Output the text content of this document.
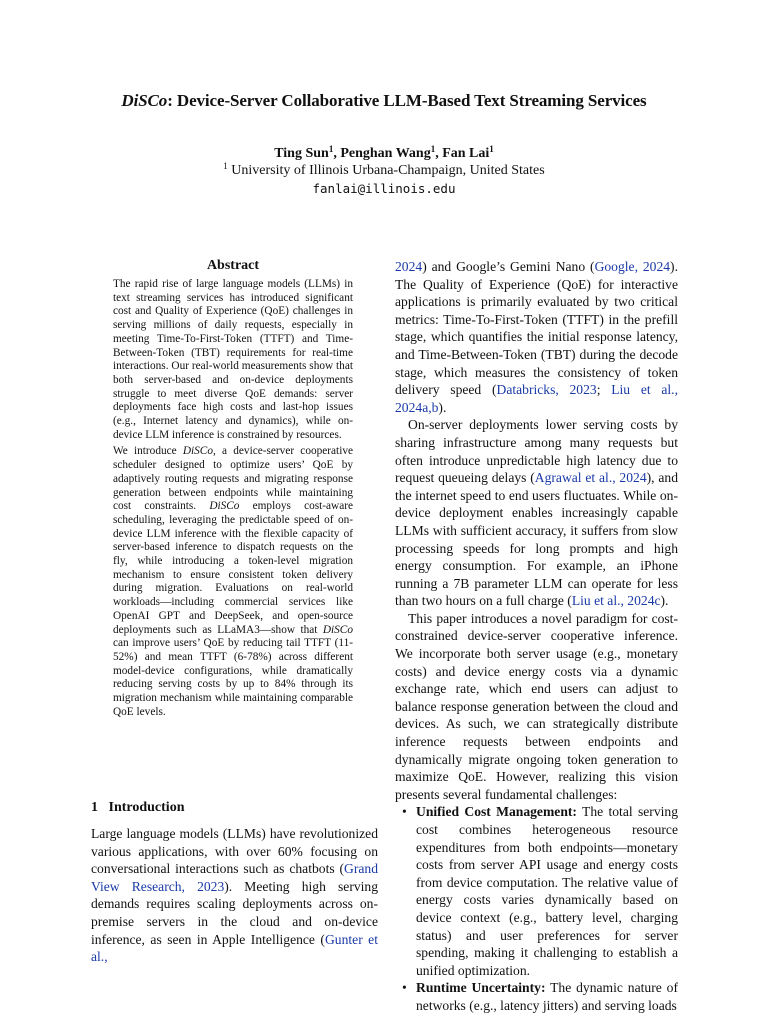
DiSCo: Device-Server Collaborative LLM-Based Text Streaming Services
Ting Sun$^1$, Penghan Wang$^1$, Fan Lai$^1$
$^1$ University of Illinois Urbana-Champaign, United States
fanlai@illinois.edu
Abstract

The rapid rise of large language models (LLMs) in text streaming services has introduced significant cost and Quality of Experience (QoE) challenges in serving millions of daily requests, especially in meeting Time-To-First-Token (TTFT) and Time-Between-Token (TBT) requirements for real-time interactions. Our real-world measurements show that both server-based and on-device deployments struggle to meet diverse QoE demands: server deployments face high costs and last-hop issues (e.g., Internet latency and dynamics), while on-device LLM inference is constrained by resources.

We introduce DiSCo, a device-server cooperative scheduler designed to optimize users’ QoE by adaptively routing requests and migrating response generation between endpoints while maintaining cost constraints. DiSCo employs cost-aware scheduling, leveraging the predictable speed of on-device LLM inference with the flexible capacity of server-based inference to dispatch requests on the fly, while introducing a token-level migration mechanism to ensure consistent token delivery during migration. Evaluations on real-world workloads—including commercial services like OpenAI GPT and DeepSeek, and open-source deployments such as LLaMA3—show that DiSCo can improve users’ QoE by reducing tail TTFT (11-52%) and mean TTFT (6-78%) across different model-device configurations, while dramatically reducing serving costs by up to 84% through its migration mechanism while maintaining comparable QoE levels.

1 Introduction
Large language models (LLMs) have revolutionized various applications, with over 60% focusing on conversational interactions such as chatbots (Grand View Research, 2023). Meeting high serving demands requires scaling deployments across on-premise servers in the cloud and on-device inference, as seen in Apple Intelligence (Gunter et al.,

2024) and Google’s Gemini Nano (Google, 2024). The Quality of Experience (QoE) for interactive applications is primarily evaluated by two critical metrics: Time-To-First-Token (TTFT) in the prefill stage, which quantifies the initial response latency, and Time-Between-Token (TBT) during the decode stage, which measures the consistency of token delivery speed (Databricks, 2023; Liu et al., 2024a,b).

On-server deployments lower serving costs by sharing infrastructure among many requests but often introduce unpredictable high latency due to request queueing delays (Agrawal et al., 2024), and the internet speed to end users fluctuates. While on-device deployment enables increasingly capable LLMs with sufficient accuracy, it suffers from slow processing speeds for long prompts and high energy consumption. For example, an iPhone running a 7B parameter LLM can operate for less than two hours on a full charge (Liu et al., 2024c).

This paper introduces a novel paradigm for cost-constrained device-server cooperative inference. We incorporate both server usage (e.g., monetary costs) and device energy costs via a dynamic exchange rate, which end users can adjust to balance response generation between the cloud and devices. As such, we can strategically distribute inference requests between endpoints and dynamically migrate ongoing token generation to maximize QoE. However, realizing this vision presents several fundamental challenges:

• Unified Cost Management: The total serving cost combines heterogeneous resource expenditures from both endpoints—monetary costs from server API usage and energy costs from device computation. The relative value of energy costs varies dynamically based on device context (e.g., battery level, charging status) and user preferences for server spending, making it challenging to establish a unified optimization.
• Runtime Uncertainty: The dynamic nature of networks (e.g., latency jitters) and serving loads
